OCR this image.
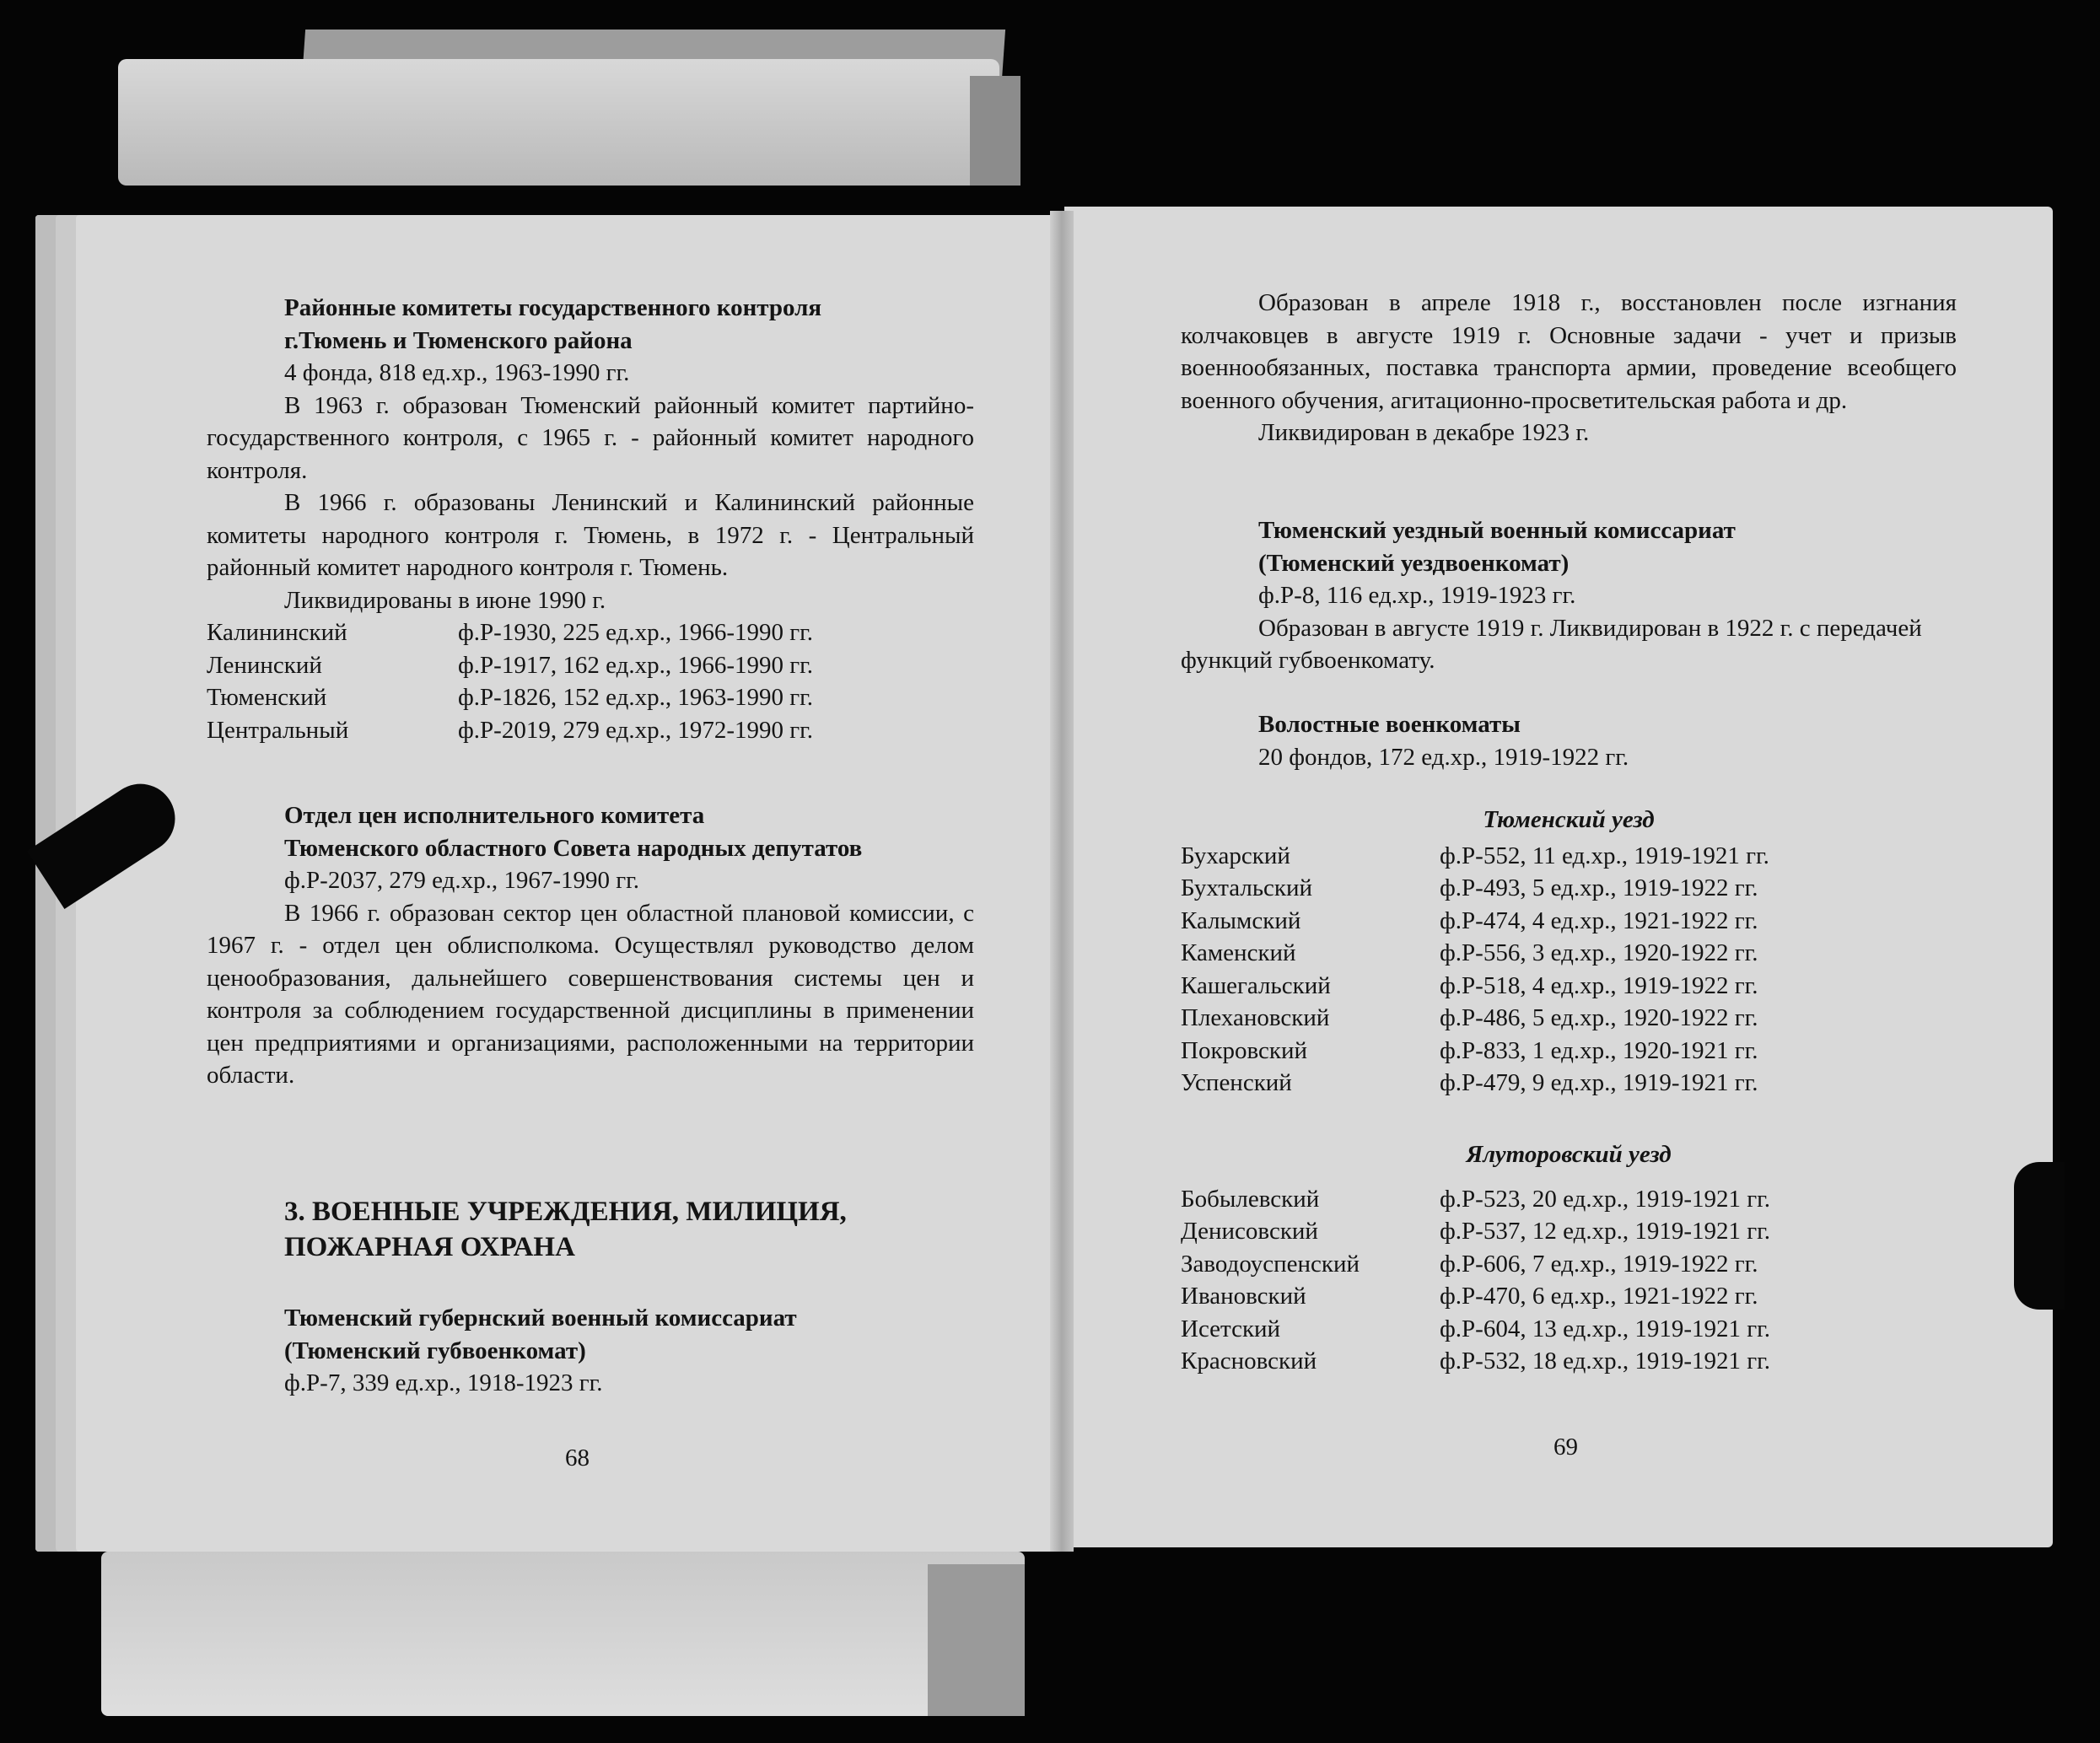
Районные комитеты государственного контроля

г.Тюмень и Тюменского района

4 фонда, 818 ед.хр., 1963-1990 гг.

В 1963 г. образован Тюменский районный комитет партийно-государственного контроля, с 1965 г. - районный комитет народного контроля.

В 1966 г. образованы Ленинский и Калининский районные комитеты народного контроля г. Тюмень, в 1972 г. - Центральный районный комитет народного контроля г. Тюмень.

Ликвидированы в июне 1990 г.

Калининский	ф.Р-1930, 225 ед.хр., 1966-1990 гг.
Ленинский	ф.Р-1917, 162 ед.хр., 1966-1990 гг.
Тюменский	ф.Р-1826, 152 ед.хр., 1963-1990 гг.
Центральный	ф.Р-2019, 279 ед.хр., 1972-1990 гг.

Отдел цен исполнительного комитета

Тюменского областного Совета народных депутатов

ф.Р-2037, 279 ед.хр., 1967-1990 гг.

В 1966 г. образован сектор цен областной плановой комиссии, с 1967 г. - отдел цен облисполкома. Осуществлял руководство делом ценообразования, дальнейшего совершенствования системы цен и контроля за соблюдением государственной дисциплины в применении цен предприятиями и организациями, расположенными на территории области.

3. ВОЕННЫЕ УЧРЕЖДЕНИЯ, МИЛИЦИЯ,

ПОЖАРНАЯ ОХРАНА

Тюменский губернский военный комиссариат

(Тюменский губвоенкомат)

ф.Р-7, 339 ед.хр., 1918-1923 гг.

68

Образован в апреле 1918 г., восстановлен после изгнания колчаковцев в августе 1919 г. Основные задачи - учет и призыв военнообязанных, поставка транспорта армии, проведение всеобщего военного обучения, агитационно-просветительская работа и др.

Ликвидирован в декабре 1923 г.

Тюменский уездный военный комиссариат

(Тюменский уездвоенкомат)

ф.Р-8, 116 ед.хр., 1919-1923 гг.

Образован в августе 1919 г. Ликвидирован в 1922 г. с передачей функций губвоенкомату.

Волостные военкоматы

20 фондов, 172 ед.хр., 1919-1922 гг.

Тюменский уезд

Бухарский	ф.Р-552, 11 ед.хр., 1919-1921 гг.
Бухтальский	ф.Р-493, 5 ед.хр., 1919-1922 гг.
Калымский	ф.Р-474, 4 ед.хр., 1921-1922 гг.
Каменский	ф.Р-556, 3 ед.хр., 1920-1922 гг.
Кашегальский	ф.Р-518, 4 ед.хр., 1919-1922 гг.
Плехановский	ф.Р-486, 5 ед.хр., 1920-1922 гг.
Покровский	ф.Р-833, 1 ед.хр., 1920-1921 гг.
Успенский	ф.Р-479, 9 ед.хр., 1919-1921 гг.

Ялуторовский уезд

Бобылевский	ф.Р-523, 20 ед.хр., 1919-1921 гг.
Денисовский	ф.Р-537, 12 ед.хр., 1919-1921 гг.
Заводоуспенский	ф.Р-606, 7 ед.хр., 1919-1922 гг.
Ивановский	ф.Р-470, 6 ед.хр., 1921-1922 гг.
Исетский	ф.Р-604, 13 ед.хр., 1919-1921 гг.
Красновский	ф.Р-532, 18 ед.хр., 1919-1921 гг.
69
